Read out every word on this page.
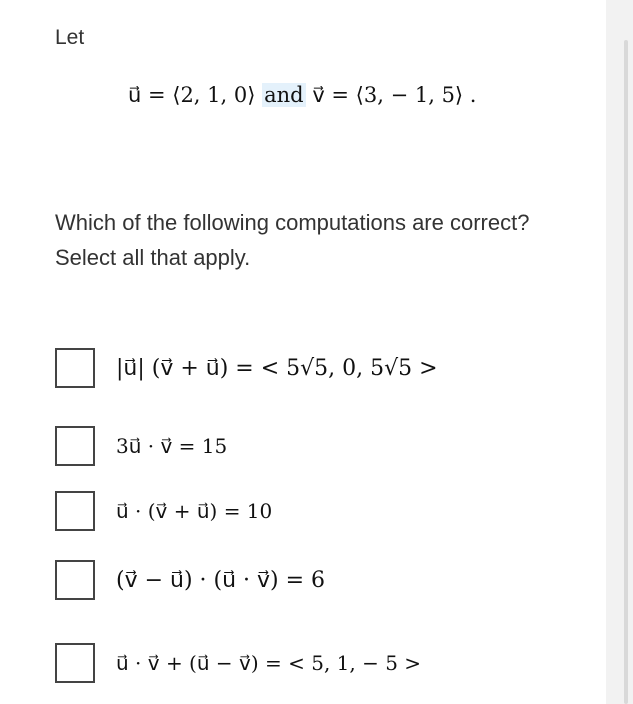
Let
u⃗ = ⟨2, 1, 0⟩ and v⃗ = ⟨3, − 1, 5⟩ .
Which of the following computations are correct? Select all that apply.
|u⃗| (v⃗ + u⃗) = < 5√5, 0, 5√5 >
3u⃗ · v⃗ = 15
u⃗ · (v⃗ + u⃗) = 10
(v⃗ − u⃗) · (u⃗ · v⃗) = 6
u⃗ · v⃗ + (u⃗ − v⃗) = < 5, 1, − 5 >
